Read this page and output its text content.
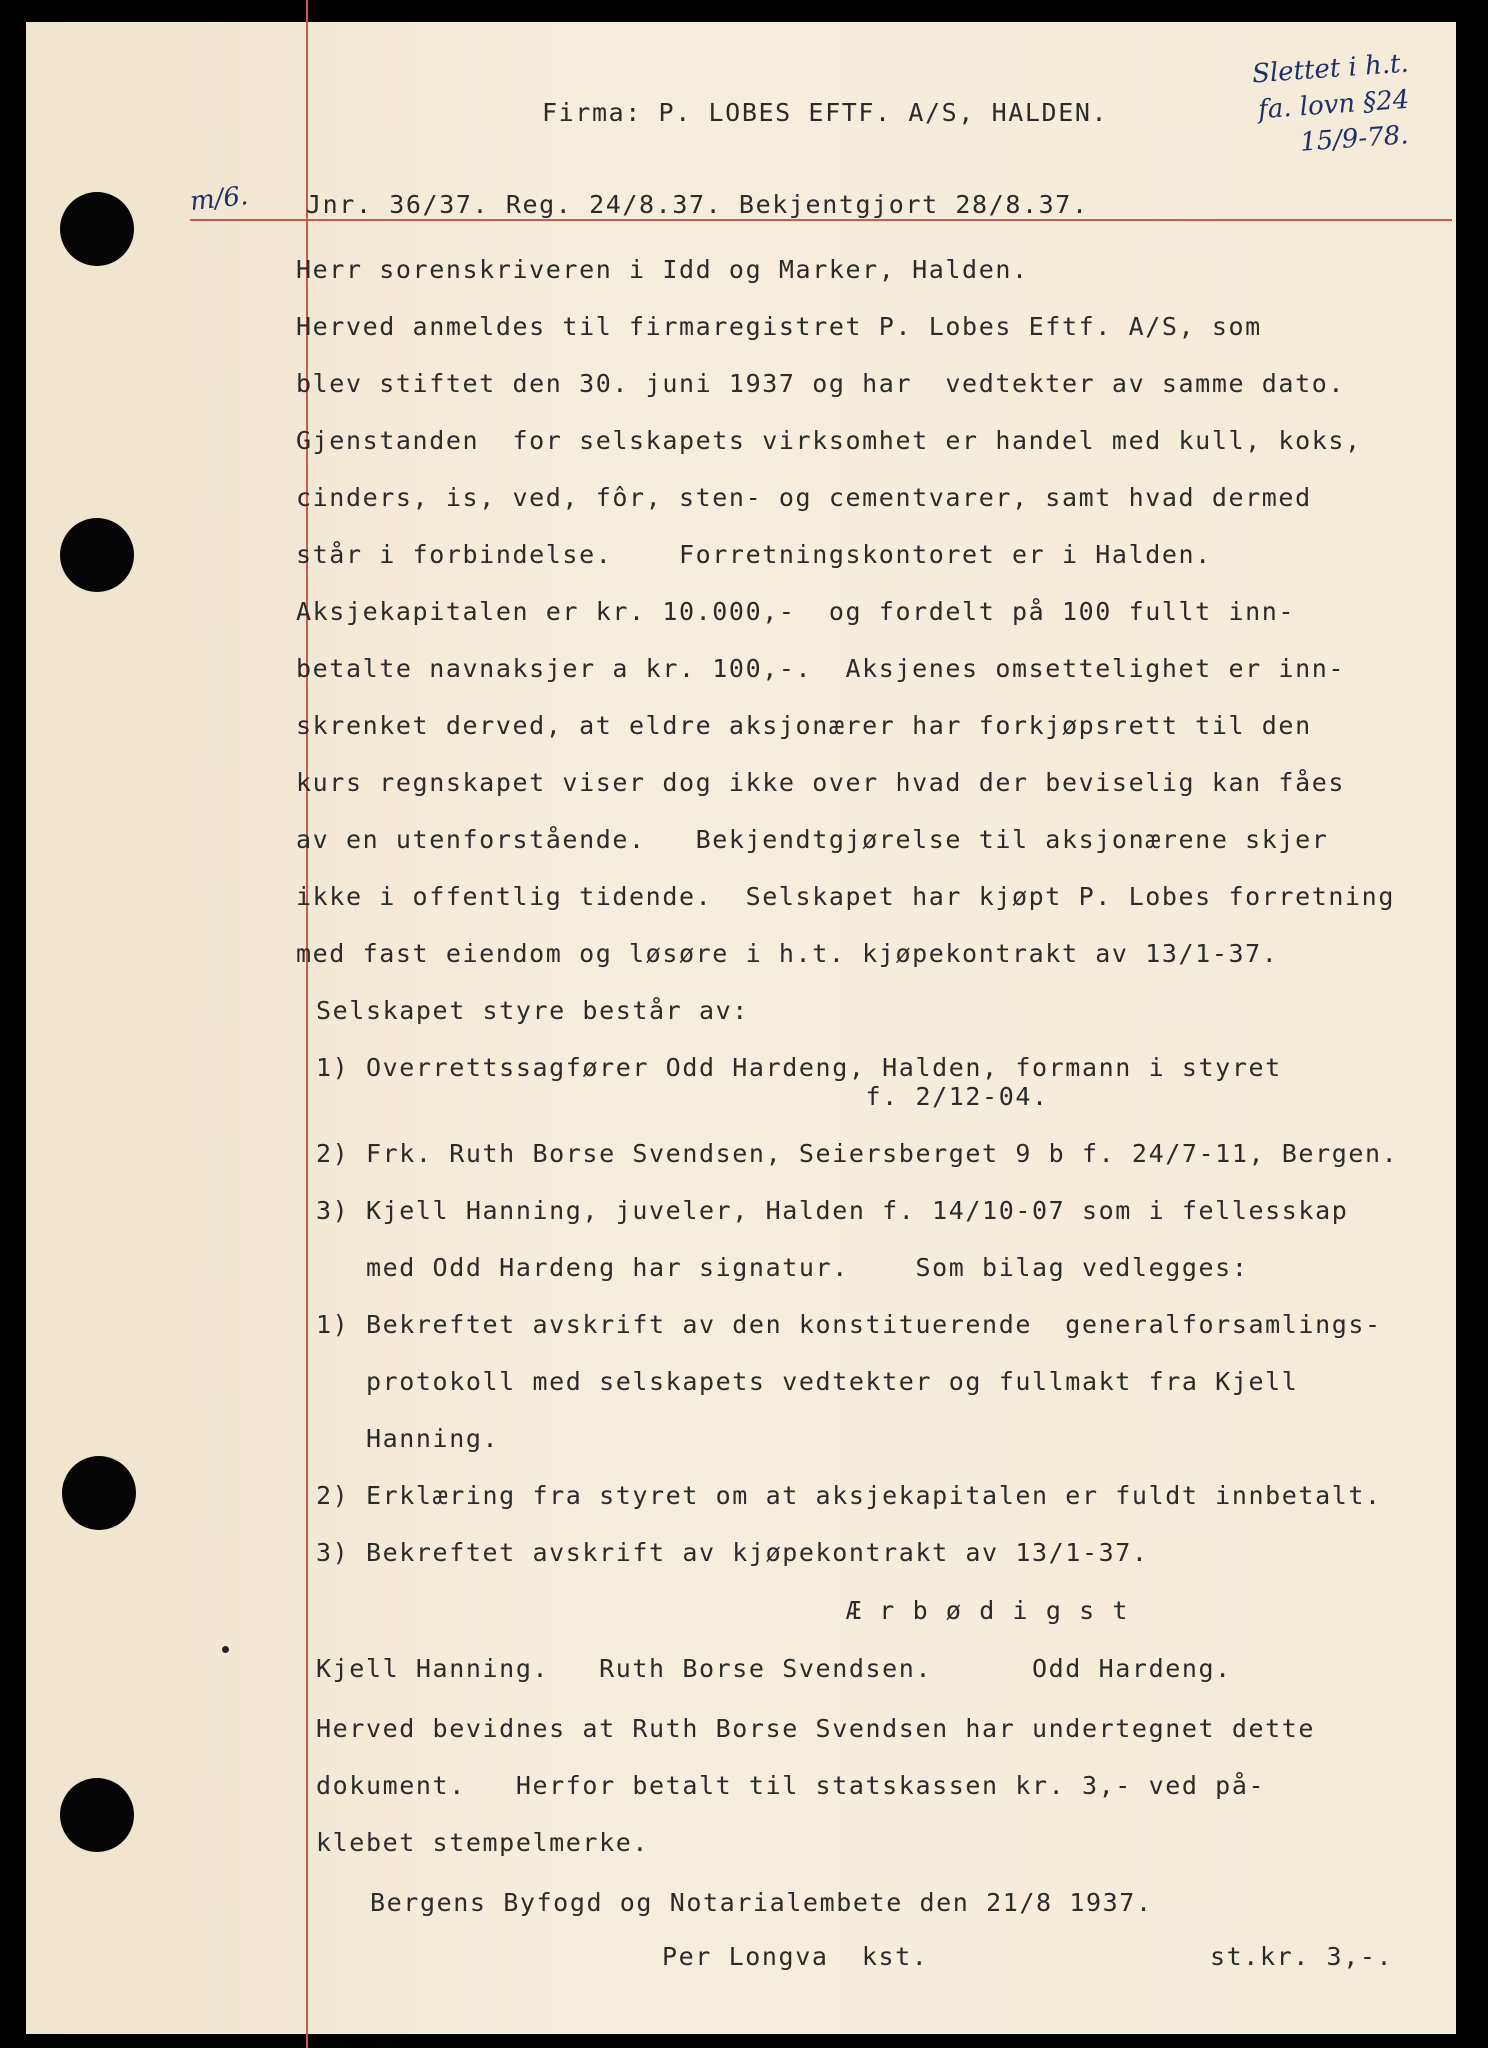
Slettet i h.t.
fa. lovn §24
15/9-78.
m/6.
Firma: P. LOBES EFTF. A/S, HALDEN.
Jnr. 36/37. Reg. 24/8.37. Bekjentgjort 28/8.37.
Herr sorenskriveren i Idd og Marker, Halden.
Herved anmeldes til firmaregistret P. Lobes Eftf. A/S, som
blev stiftet den 30. juni 1937 og har  vedtekter av samme dato.
Gjenstanden  for selskapets virksomhet er handel med kull, koks,
cinders, is, ved, fôr, sten- og cementvarer, samt hvad dermed
står i forbindelse.    Forretningskontoret er i Halden.
Aksjekapitalen er kr. 10.000,-  og fordelt på 100 fullt inn-
betalte navnaksjer a kr. 100,-.  Aksjenes omsettelighet er inn-
skrenket derved, at eldre aksjonærer har forkjøpsrett til den
kurs regnskapet viser dog ikke over hvad der beviselig kan fåes
av en utenforstående.   Bekjendtgjørelse til aksjonærene skjer
ikke i offentlig tidende.  Selskapet har kjøpt P. Lobes forretning
med fast eiendom og løsøre i h.t. kjøpekontrakt av 13/1-37.
Selskapet styre består av:
1) Overrettssagfører Odd Hardeng, Halden, formann i styret
f. 2/12-04.
2) Frk. Ruth Borse Svendsen, Seiersberget 9 b f. 24/7-11, Bergen.
3) Kjell Hanning, juveler, Halden f. 14/10-07 som i fellesskap
med Odd Hardeng har signatur.    Som bilag vedlegges:
1) Bekreftet avskrift av den konstituerende  generalforsamlings-
protokoll med selskapets vedtekter og fullmakt fra Kjell
Hanning.
2) Erklæring fra styret om at aksjekapitalen er fuldt innbetalt.
3) Bekreftet avskrift av kjøpekontrakt av 13/1-37.
Æ r b ø d i g s t
Kjell Hanning.   Ruth Borse Svendsen.      Odd Hardeng.
Herved bevidnes at Ruth Borse Svendsen har undertegnet dette
dokument.   Herfor betalt til statskassen kr. 3,- ved på-
klebet stempelmerke.
Bergens Byfogd og Notarialembete den 21/8 1937.
Per Longva  kst.	st.kr. 3,-.
